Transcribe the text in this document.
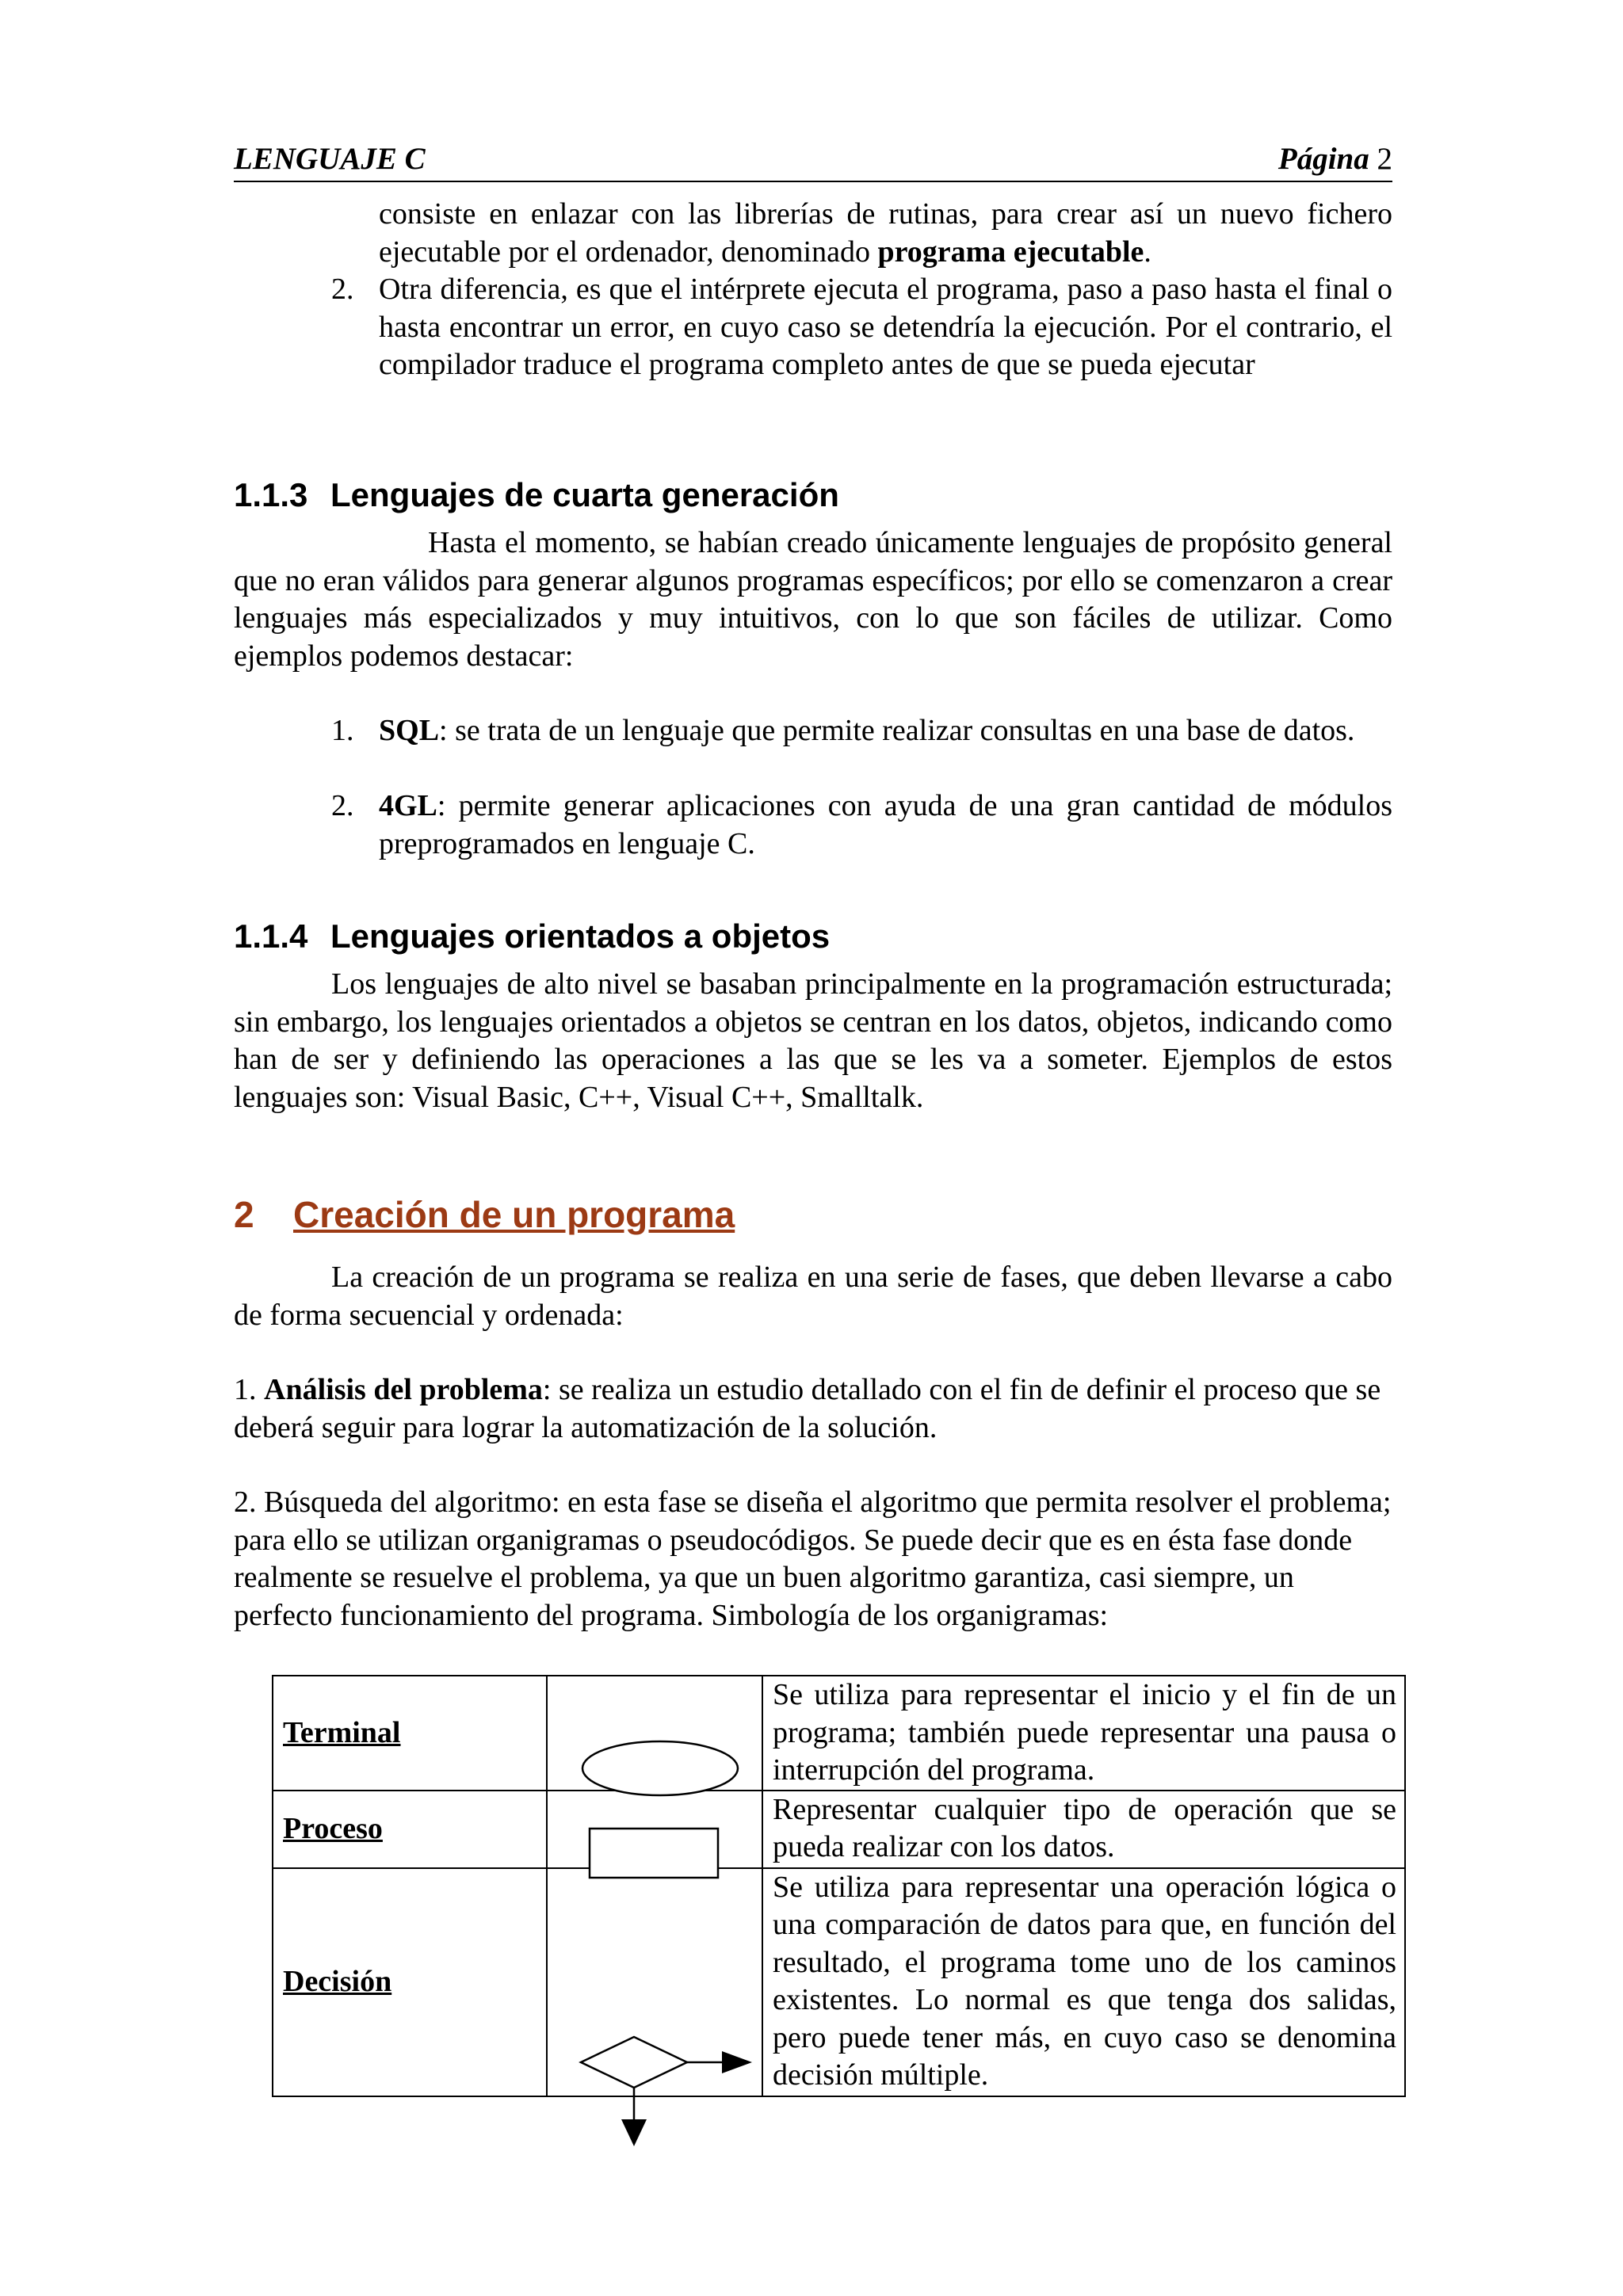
LENGUAJE C	Página 2
consiste en enlazar con las librerías de rutinas, para crear así un nuevo fichero ejecutable por el ordenador, denominado programa ejecutable.
2. Otra diferencia, es que el intérprete ejecuta el programa, paso a paso hasta el final o hasta encontrar un error, en cuyo caso se detendría la ejecución. Por el contrario, el compilador traduce el programa completo antes de que se pueda ejecutar
1.1.3 Lenguajes de cuarta generación
Hasta el momento, se habían creado únicamente lenguajes de propósito general que no eran válidos para generar algunos programas específicos; por ello se comenzaron a crear lenguajes más especializados y muy intuitivos, con lo que son fáciles de utilizar. Como ejemplos podemos destacar:
1. SQL: se trata de un lenguaje que permite realizar consultas en una base de datos.
2. 4GL: permite generar aplicaciones con ayuda de una gran cantidad de módulos preprogramados en lenguaje C.
1.1.4 Lenguajes orientados a objetos
Los lenguajes de alto nivel se basaban principalmente en la programación estructurada; sin embargo, los lenguajes orientados a objetos se centran en los datos, objetos, indicando como han de ser y definiendo las operaciones a las que se les va a someter. Ejemplos de estos lenguajes son: Visual Basic, C++, Visual C++, Smalltalk.
2 Creación de un programa
La creación de un programa se realiza en una serie de fases, que deben llevarse a cabo de forma secuencial y ordenada:
1. Análisis del problema: se realiza un estudio detallado con el fin de definir el proceso que se deberá seguir para lograr la automatización de la solución.
2. Búsqueda del algoritmo: en esta fase se diseña el algoritmo que permita resolver el problema; para ello se utilizan organigramas o pseudocódigos. Se puede decir que es en ésta fase donde realmente se resuelve el problema, ya que un buen algoritmo garantiza, casi siempre, un perfecto funcionamiento del programa. Simbología de los organigramas:
Terminal		Se utiliza para representar el inicio y el fin de un programa; también puede representar una pausa o interrupción del programa.
Proceso		Representar cualquier tipo de operación que se pueda realizar con los datos.
Decisión		Se utiliza para representar una operación lógica o una comparación de datos para que, en función del resultado, el programa tome uno de los caminos existentes. Lo normal es que tenga dos salidas, pero puede tener más, en cuyo caso se denomina decisión múltiple.
